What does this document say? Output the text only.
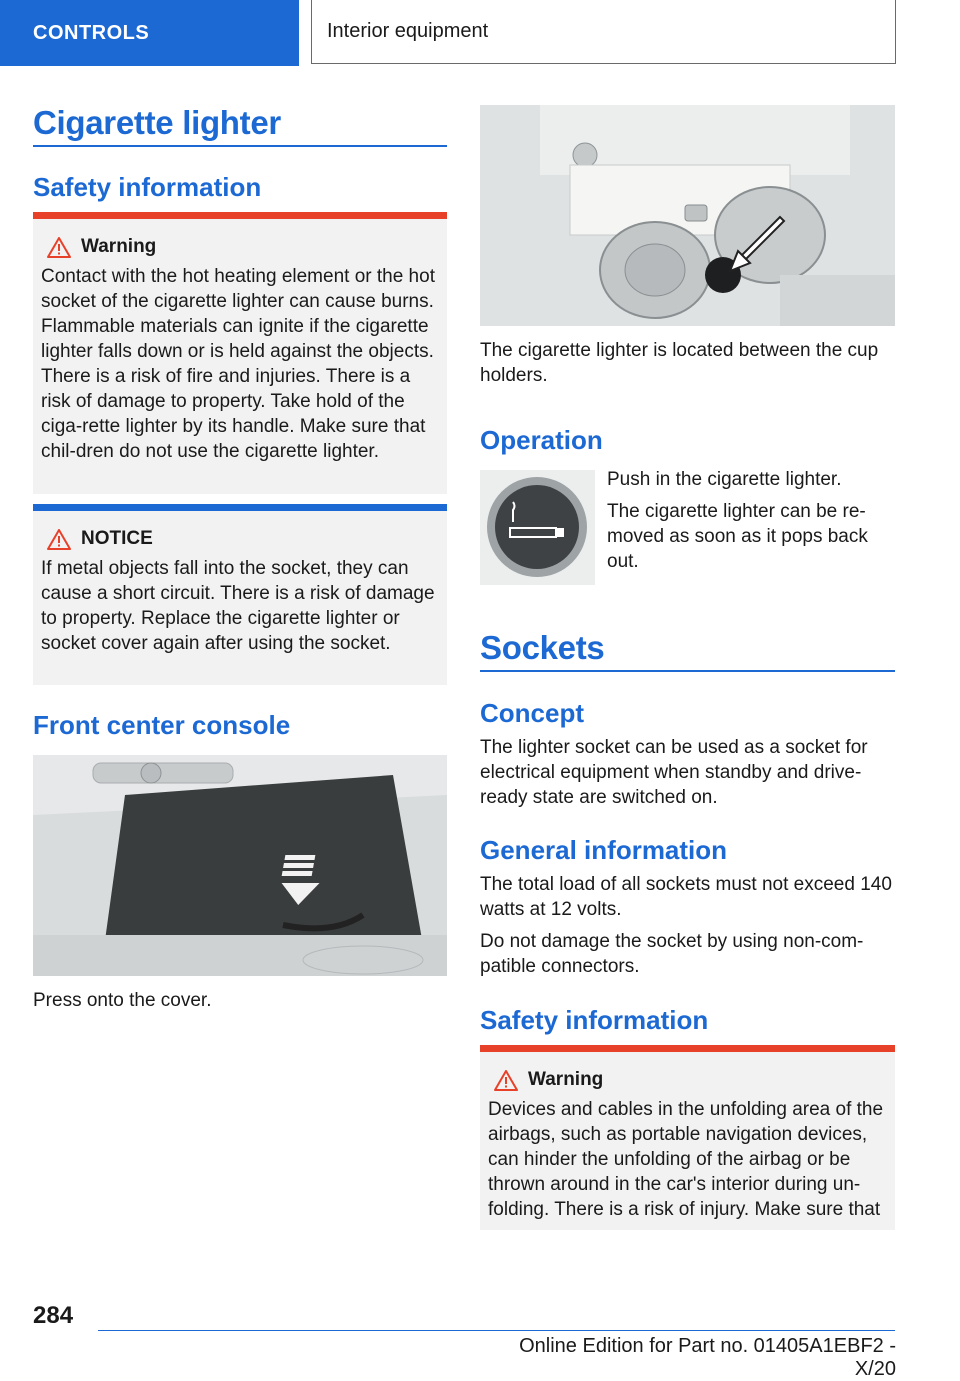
CONTROLS	Interior equipment
Cigarette lighter
Safety information
Warning
Contact with the hot heating element or the hot socket of the cigarette lighter can cause burns. Flammable materials can ignite if the cigarette lighter falls down or is held against the objects. There is a risk of fire and injuries. There is a risk of damage to property. Take hold of the ciga‐rette lighter by its handle. Make sure that chil‐dren do not use the cigarette lighter.
NOTICE
If metal objects fall into the socket, they can cause a short circuit. There is a risk of damage to property. Replace the cigarette lighter or socket cover again after using the socket.
Front center console
Press onto the cover.
The cigarette lighter is located between the cup holders.
Operation

Push in the cigarette lighter.

The cigarette lighter can be re‐moved as soon as it pops back out.

Sockets
Concept
The lighter socket can be used as a socket for electrical equipment when standby and drive‐ready state are switched on.
General information

The total load of all sockets must not exceed 140 watts at 12 volts.

Do not damage the socket by using non-com‐patible connectors.

Safety information
Warning
Devices and cables in the unfolding area of the airbags, such as portable navigation devices, can hinder the unfolding of the airbag or be thrown around in the car's interior during un‐folding. There is a risk of injury. Make sure that
284
Online Edition for Part no. 01405A1EBF2 - X/20
